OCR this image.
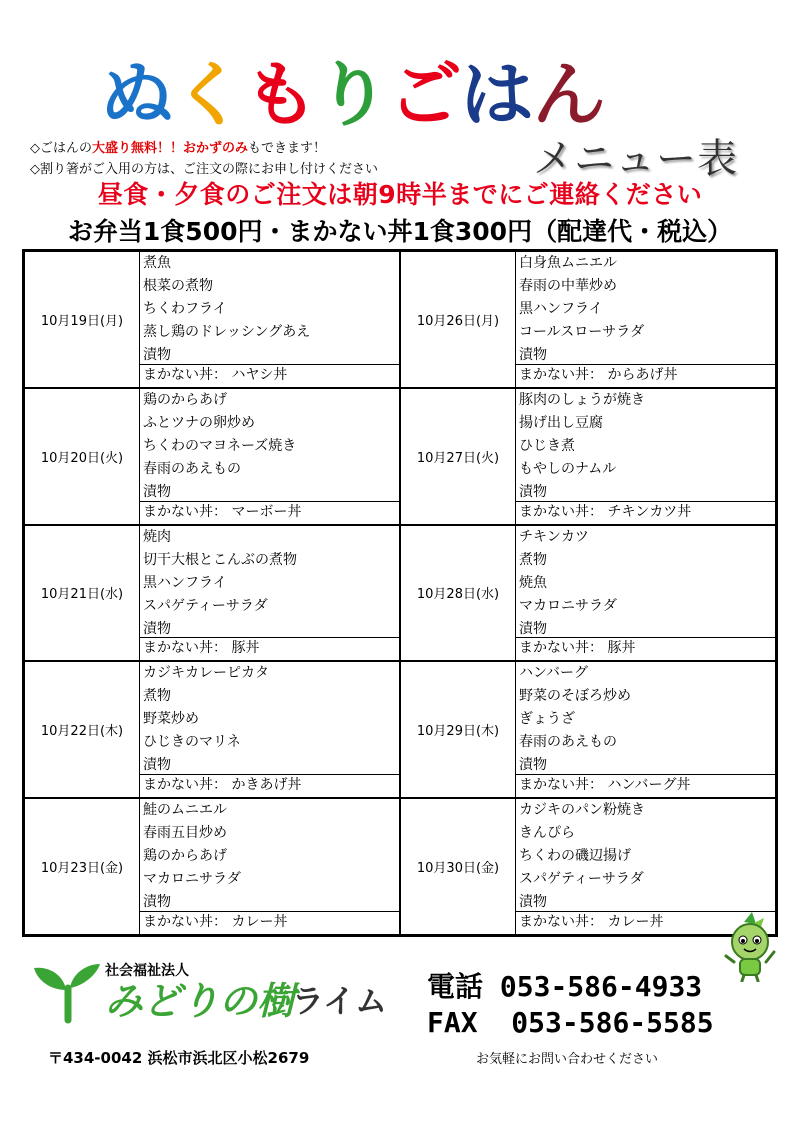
ぬくもりごはん
メニュー表
◇ごはんの大盛り無料！！おかずのみもできます！
◇割り箸がご入用の方は、ご注文の際にお申し付けください
昼食・夕食のご注文は朝9時半までにご連絡ください
お弁当1食500円・まかない丼1食300円（配達代・税込）
10月19日(月)
煮魚
根菜の煮物
ちくわフライ
蒸し鶏のドレッシングあえ
漬物
まかない丼： ハヤシ丼
10月26日(月)
白身魚ムニエル
春雨の中華炒め
黒ハンフライ
コールスローサラダ
漬物
まかない丼： からあげ丼
10月20日(火)
鶏のからあげ
ふとツナの卵炒め
ちくわのマヨネーズ焼き
春雨のあえもの
漬物
まかない丼： マーボー丼
10月27日(火)
豚肉のしょうが焼き
揚げ出し豆腐
ひじき煮
もやしのナムル
漬物
まかない丼： チキンカツ丼
10月21日(水)
焼肉
切干大根とこんぶの煮物
黒ハンフライ
スパゲティーサラダ
漬物
まかない丼： 豚丼
10月28日(水)
チキンカツ
煮物
焼魚
マカロニサラダ
漬物
まかない丼： 豚丼
10月22日(木)
カジキカレーピカタ
煮物
野菜炒め
ひじきのマリネ
漬物
まかない丼： かきあげ丼
10月29日(木)
ハンバーグ
野菜のそぼろ炒め
ぎょうざ
春雨のあえもの
漬物
まかない丼： ハンバーグ丼
10月23日(金)
鮭のムニエル
春雨五目炒め
鶏のからあげ
マカロニサラダ
漬物
まかない丼： カレー丼
10月30日(金)
カジキのパン粉焼き
きんぴら
ちくわの磯辺揚げ
スパゲティーサラダ
漬物
まかない丼： カレー丼
社会福祉法人
みどりの樹
ライム 電話 053-586-4933
FAX 053-586-5585
〒434-0042 浜松市浜北区小松2679	お気軽にお問い合わせください
